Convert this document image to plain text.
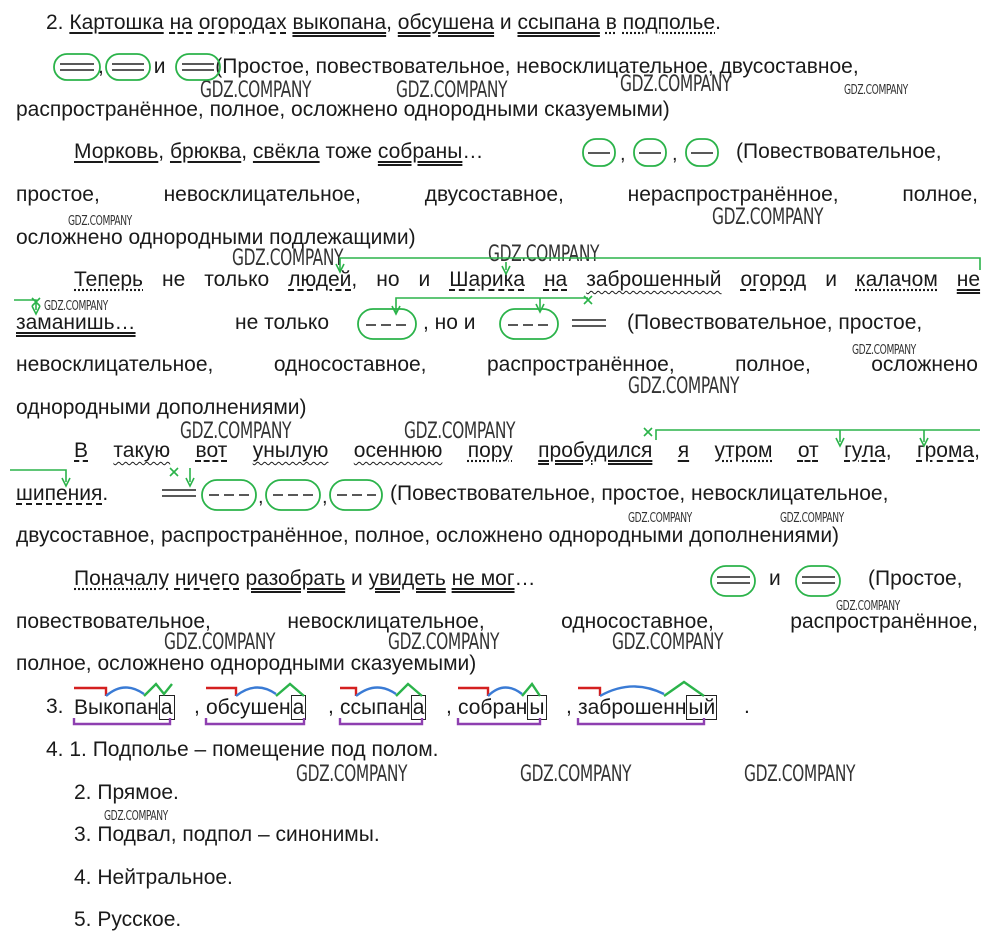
2. Картошка на огородах выкопана, обсушена и ссыпана в подполье.
, и (Простое, повествовательное, невосклицательное, двусоставное,
распространённое, полное, осложнено однородными сказуемыми)
Морковь, брюква, свёкла тоже собраны…	(Повествовательное,
простое,	невосклицательное,	двусоставное,	нераспространённое,	полное,
осложнено однородными подлежащими)
Теперь не только людей, но и Шарика на заброшенный огород и калачом не
заманишь…	не только	, но и	(Повествовательное, простое,
невосклицательное,	односоставное,	распространённое,	полное,	осложнено
однородными дополнениями)
В такую вот унылую осеннюю пору пробудился я утром от гула, грома,
шипения.	(Повествовательное, простое, невосклицательное,
двусоставное, распространённое, полное, осложнено однородными дополнениями)
Поначалу ничего разобрать и увидеть не мог…	и	(Простое,
повествовательное,	невосклицательное,	односоставное,	распространённое,
полное, осложнено однородными сказуемыми)
3. Выкопана , обсушена , ссыпана , собраны , заброшенный .
4. 1. Подполье – помещение под полом.
2. Прямое.
3. Подвал, подпол – синонимы.
4. Нейтральное.
5. Русское.
GDZ.COMPANY	GDZ.COMPANY	GDZ.COMPANY	GDZ.COMPANY
GDZ.COMPANY	GDZ.COMPANY
GDZ.COMPANY	GDZ.COMPANY
GDZ.COMPANY
GDZ.COMPANY
GDZ.COMPANY
GDZ.COMPANY	GDZ.COMPANY
GDZ.COMPANY	GDZ.COMPANY
GDZ.COMPANY
GDZ.COMPANY	GDZ.COMPANY	GDZ.COMPANY
GDZ.COMPANY	GDZ.COMPANY	GDZ.COMPANY
GDZ.COMPANY
, ,
,	,
